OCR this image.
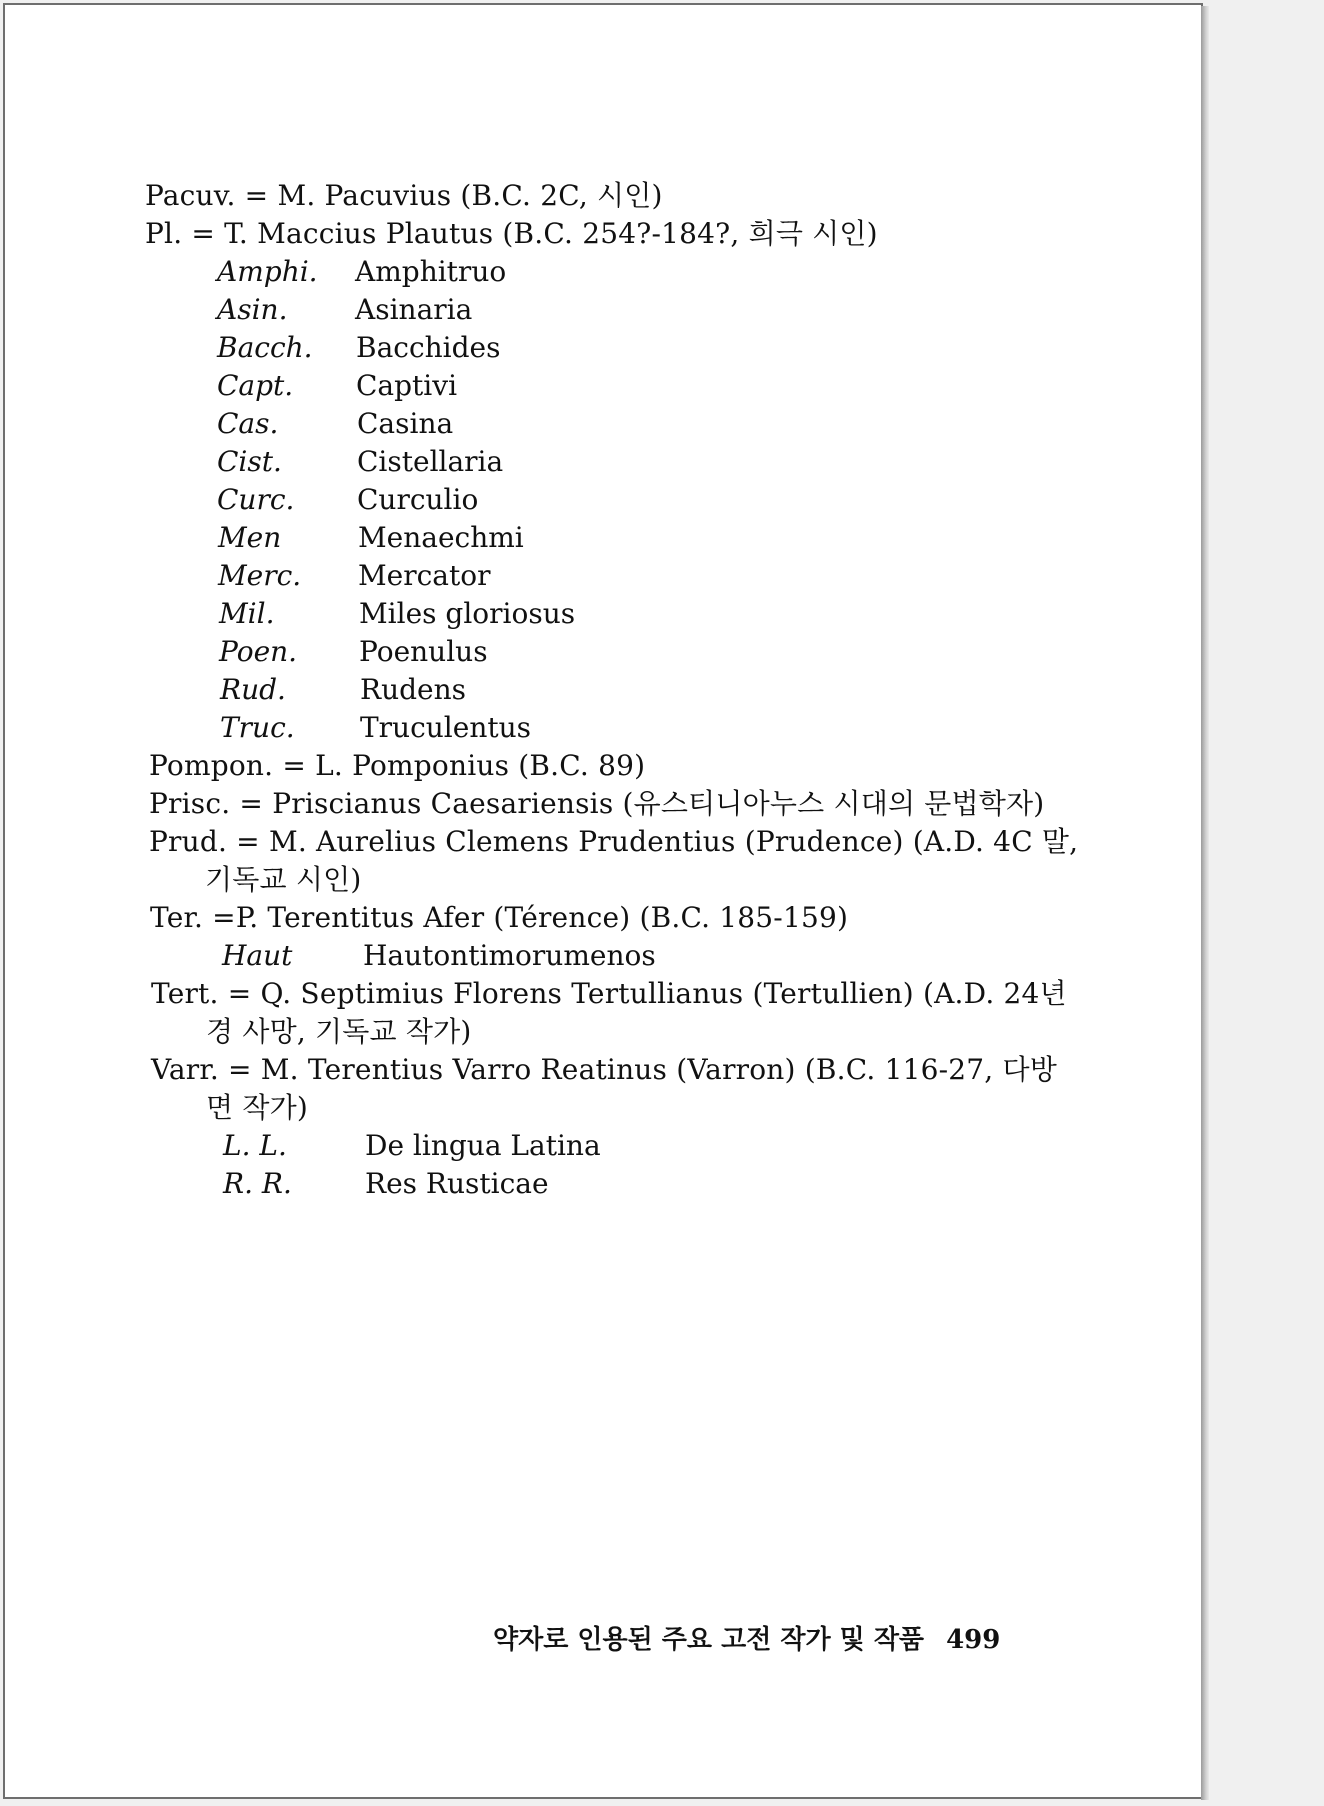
Pacuv. = M. Pacuvius (B.C. 2C, 시인)
Pl. = T. Maccius Plautus (B.C. 254?-184?, 희극 시인)
Amphi. Amphitruo
Asin. Asinaria
Bacch. Bacchides
Capt. Captivi
Cas.	Casina
Cist.	Cistellaria
Curc. Curculio
Men	Menaechmi
Merc. Mercator
Mil.	Miles gloriosus
Poen. Poenulus
Rud.	Rudens
Truc. Truculentus
Pompon. = L. Pomponius (B.C. 89)
Prisc. = Priscianus Caesariensis (유스티니아누스 시대의 문법학자)
Prud. = M. Aurelius Clemens Prudentius (Prudence) (A.D. 4C 말,
기독교 시인)
Ter. =P. Terentitus Afer (Térence) (B.C. 185-159)
Haut	Hautontimorumenos
Tert. = Q. Septimius Florens Tertullianus (Tertullien) (A.D. 24년
경 사망, 기독교 작가)
Varr. = M. Terentius Varro Reatinus (Varron) (B.C. 116-27, 다방
면 작가)
L. L.	De lingua Latina
R. R.	Res Rusticae
약자로 인용된 주요 고전 작가 및 작품 499
